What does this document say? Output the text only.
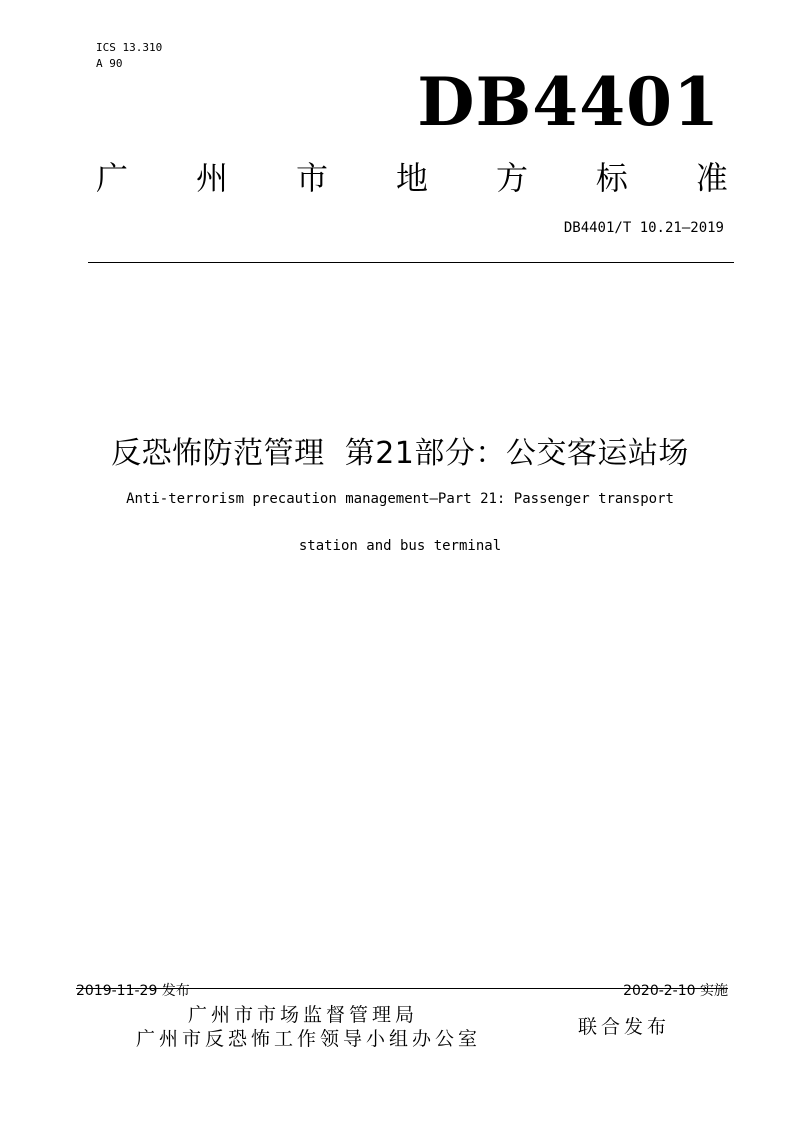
ICS 13.310
A 90	DB4401
广 州 市 地 方 标 准
DB4401/T 10.21—2019
反恐怖防范管理  第21部分：公交客运站场
Anti-terrorism precaution management—Part 21: Passenger transport
station and bus terminal
2019-11-29 发布	2020-2-10 实施
广州市市场监督管理局
广州市反恐怖工作领导小组办公室
联合发布
